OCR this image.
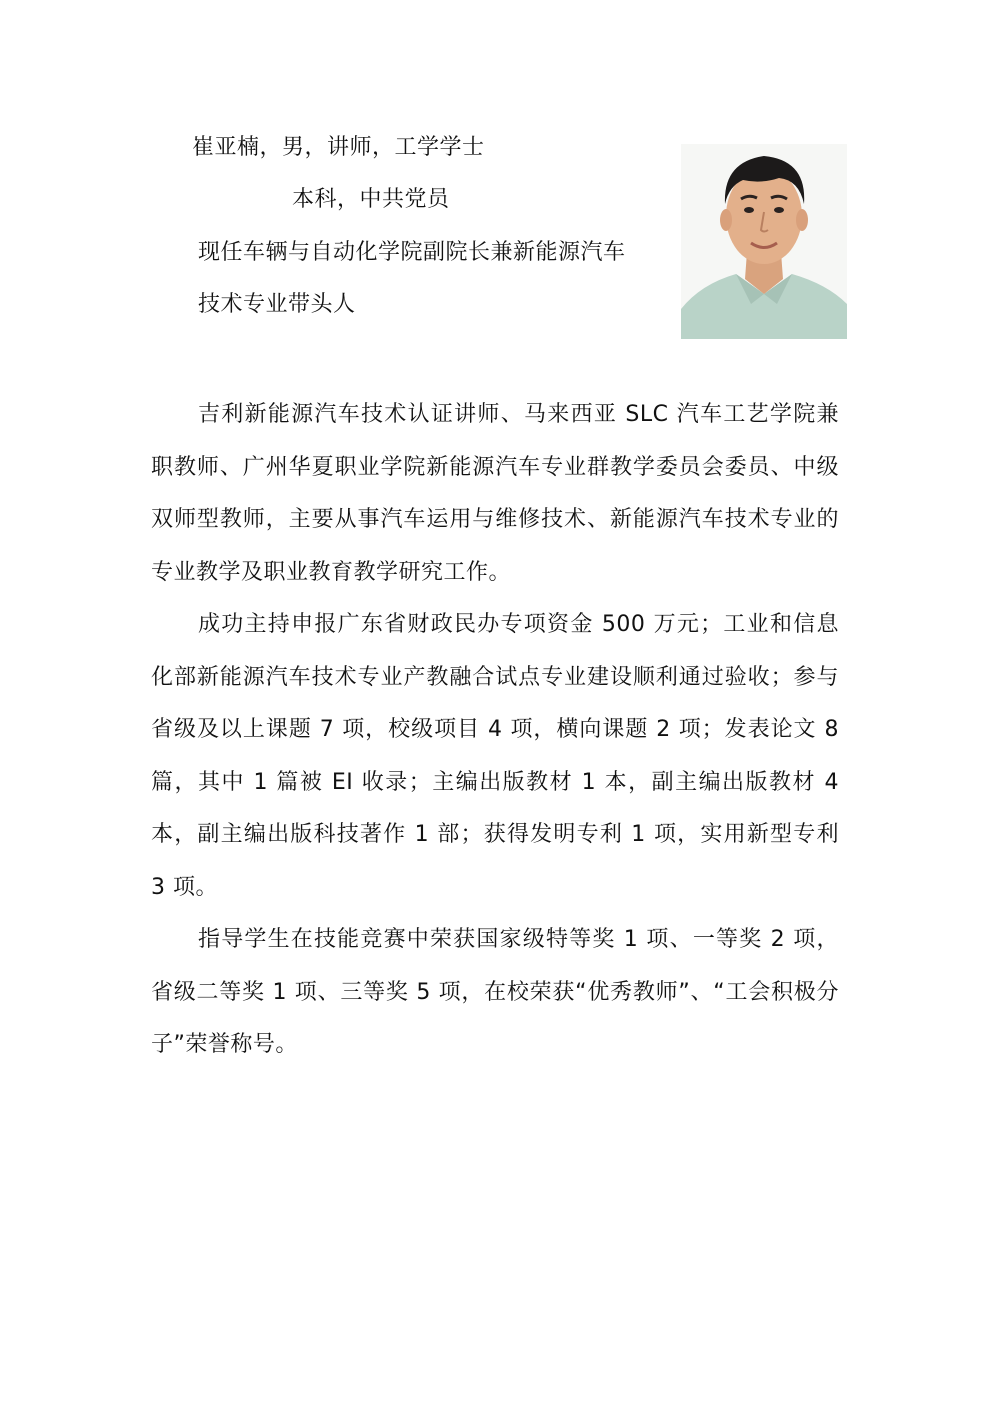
崔亚楠，男，讲师，工学学士
本科，中共党员
现任车辆与自动化学院副院长兼新能源汽车
技术专业带头人

吉利新能源汽车技术认证讲师、马来西亚 SLC 汽车工艺学院兼职教师、广州华夏职业学院新能源汽车专业群教学委员会委员、中级双师型教师，主要从事汽车运用与维修技术、新能源汽车技术专业的专业教学及职业教育教学研究工作。

成功主持申报广东省财政民办专项资金 500 万元；工业和信息化部新能源汽车技术专业产教融合试点专业建设顺利通过验收；参与省级及以上课题 7 项，校级项目 4 项，横向课题 2 项；发表论文 8 篇，其中 1 篇被 EI 收录；主编出版教材 1 本，副主编出版教材 4 本，副主编出版科技著作 1 部；获得发明专利 1 项，实用新型专利 3 项。

指导学生在技能竞赛中荣获国家级特等奖 1 项、一等奖 2 项，省级二等奖 1 项、三等奖 5 项，在校荣获“优秀教师”、“工会积极分子”荣誉称号。
